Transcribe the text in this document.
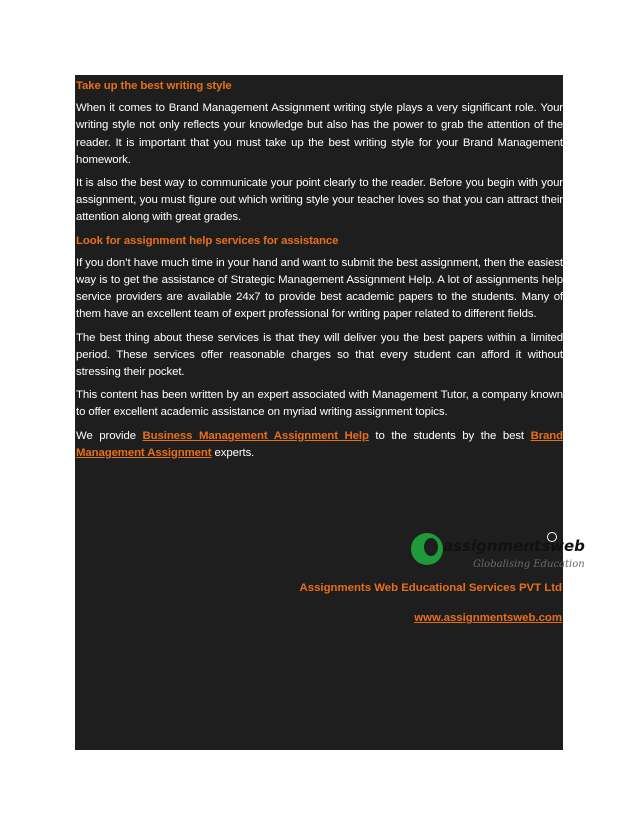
Take up the best writing style

When it comes to Brand Management Assignment writing style plays a very significant role. Your writing style not only reflects your knowledge but also has the power to grab the attention of the reader. It is important that you must take up the best writing style for your Brand Management homework.

It is also the best way to communicate your point clearly to the reader. Before you begin with your assignment, you must figure out which writing style your teacher loves so that you can attract their attention along with great grades.

Look for assignment help services for assistance

If you don’t have much time in your hand and want to submit the best assignment, then the easiest way is to get the assistance of Strategic Management Assignment Help. A lot of assignments help service providers are available 24x7 to provide best academic papers to the students. Many of them have an excellent team of expert professional for writing paper related to different fields.

The best thing about these services is that they will deliver you the best papers within a limited period. These services offer reasonable charges so that every student can afford it without stressing their pocket.

This content has been written by an expert associated with Management Tutor, a company known to offer excellent academic assistance on myriad writing assignment topics.

We provide Business Management Assignment Help to the students by the best Brand Management Assignment experts.

assignmentsweb
Globalising Education
Assignments Web Educational Services PVT Ltd
www.assignmentsweb.com
